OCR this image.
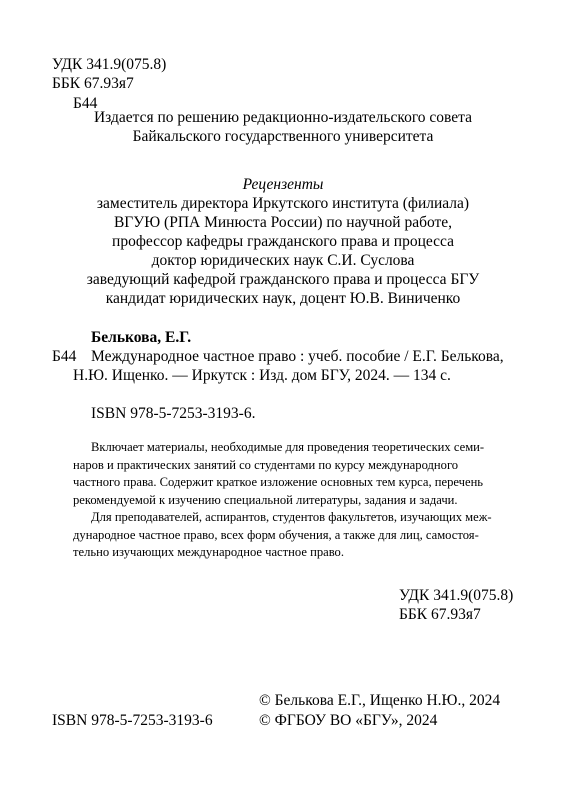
УДК 341.9(075.8)
ББК 67.93я7
Б44
Издается по решению редакционно-издательского совета
Байкальского государственного университета
Рецензенты
заместитель директора Иркутского института (филиала)
ВГУЮ (РПА Минюста России) по научной работе,
профессор кафедры гражданского права и процесса
доктор юридических наук С.И. Суслова
заведующий кафедрой гражданского права и процесса БГУ
кандидат юридических наук, доцент Ю.В. Виниченко
Белькова, Е.Г.
Б44 Международное частное право : учеб. пособие / Е.Г. Белькова,
Н.Ю. Ищенко. — Иркутск : Изд. дом БГУ, 2024. — 134 с.
ISBN 978-5-7253-3193-6.
Включает материалы, необходимые для проведения теоретических семи-
наров и практических занятий со студентами по курсу международного
частного права. Содержит краткое изложение основных тем курса, перечень
рекомендуемой к изучению специальной литературы, задания и задачи.
Для преподавателей, аспирантов, студентов факультетов, изучающих меж-
дународное частное право, всех форм обучения, а также для лиц, самостоя-
тельно изучающих международное частное право.
УДК 341.9(075.8)
ББК 67.93я7
© Белькова Е.Г., Ищенко Н.Ю., 2024
ISBN 978-5-7253-3193-6	© ФГБОУ ВО «БГУ», 2024
